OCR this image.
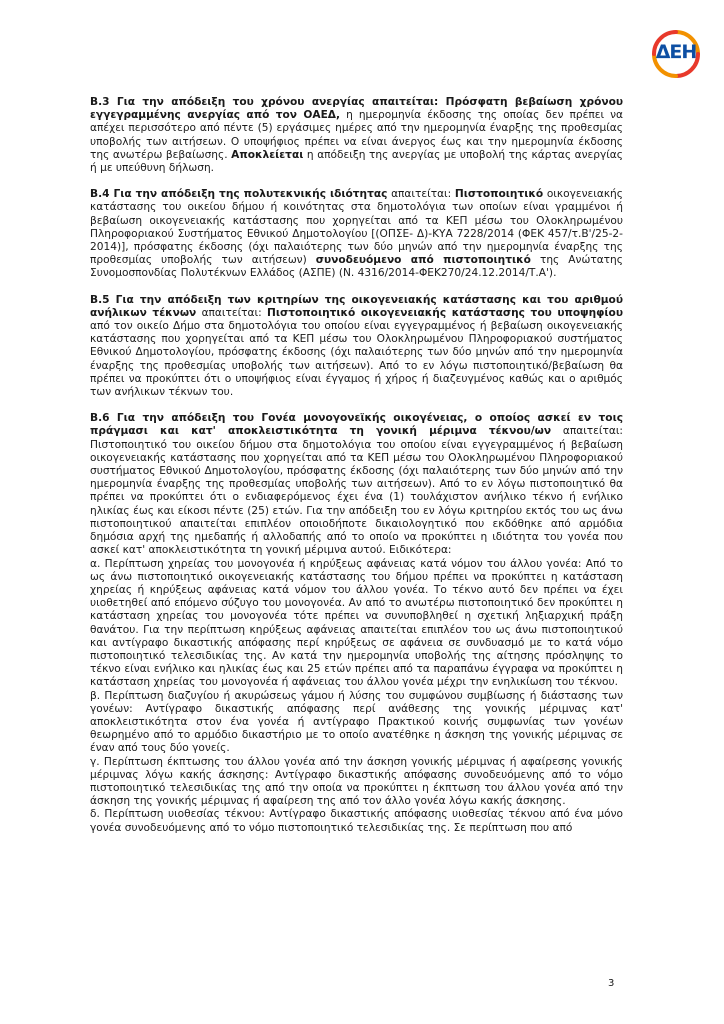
ΔΕΗ

Β.3 Για την απόδειξη του χρόνου ανεργίας απαιτείται: Πρόσφατη βεβαίωση χρόνου εγγεγραμμένης ανεργίας από τον ΟΑΕΔ, η ημερομηνία έκδοσης της οποίας δεν πρέπει να απέχει περισσότερο από πέντε (5) εργάσιμες ημέρες από την ημερομηνία έναρξης της προθεσμίας υποβολής των αιτήσεων. Ο υποψήφιος πρέπει να είναι άνεργος έως και την ημερομηνία έκδοσης της ανωτέρω βεβαίωσης. Αποκλείεται η απόδειξη της ανεργίας με υποβολή της κάρτας ανεργίας ή με υπεύθυνη δήλωση.

Β.4 Για την απόδειξη της πολυτεκνικής ιδιότητας απαιτείται: Πιστοποιητικό οικογενειακής κατάστασης του οικείου δήμου ή κοινότητας στα δημοτολόγια των οποίων είναι γραμμένοι ή βεβαίωση οικογενειακής κατάστασης που χορηγείται από τα ΚΕΠ μέσω του Ολοκληρωμένου Πληροφοριακού Συστήματος Εθνικού Δημοτολογίου [(ΟΠΣΕ- Δ)-ΚΥΑ 7228/2014 (ΦΕΚ 457/τ.Β'/25-2-2014)], πρόσφατης έκδοσης (όχι παλαιότερης των δύο μηνών από την ημερομηνία έναρξης της προθεσμίας υποβολής των αιτήσεων) συνοδευόμενο από πιστοποιητικό της Ανώτατης Συνομοσπονδίας Πολυτέκνων Ελλάδος (ΑΣΠΕ) (Ν. 4316/2014-ΦΕΚ270/24.12.2014/Τ.Α').

Β.5 Για την απόδειξη των κριτηρίων της οικογενειακής κατάστασης και του αριθμού ανήλικων τέκνων απαιτείται: Πιστοποιητικό οικογενειακής κατάστασης του υποψηφίου από τον οικείο Δήμο στα δημοτολόγια του οποίου είναι εγγεγραμμένος ή βεβαίωση οικογενειακής κατάστασης που χορηγείται από τα ΚΕΠ μέσω του Ολοκληρωμένου Πληροφοριακού συστήματος Εθνικού Δημοτολογίου, πρόσφατης έκδοσης (όχι παλαιότερης των δύο μηνών από την ημερομηνία έναρξης της προθεσμίας υποβολής των αιτήσεων). Από το εν λόγω πιστοποιητικό/βεβαίωση θα πρέπει να προκύπτει ότι ο υποψήφιος είναι έγγαμος ή χήρος ή διαζευγμένος καθώς και ο αριθμός των ανήλικων τέκνων του.

Β.6 Για την απόδειξη του Γονέα μονογονεϊκής οικογένειας, ο οποίος ασκεί εν τοις πράγμασι και κατ' αποκλειστικότητα τη γονική μέριμνα τέκνου/ων απαιτείται: Πιστοποιητικό του οικείου δήμου στα δημοτολόγια του οποίου είναι εγγεγραμμένος ή βεβαίωση οικογενειακής κατάστασης που χορηγείται από τα ΚΕΠ μέσω του Ολοκληρωμένου Πληροφοριακού συστήματος Εθνικού Δημοτολογίου, πρόσφατης έκδοσης (όχι παλαιότερης των δύο μηνών από την ημερομηνία έναρξης της προθεσμίας υποβολής των αιτήσεων). Από το εν λόγω πιστοποιητικό θα πρέπει να προκύπτει ότι ο ενδιαφερόμενος έχει ένα (1) τουλάχιστον ανήλικο τέκνο ή ενήλικο ηλικίας έως και είκοσι πέντε (25) ετών. Για την απόδειξη του εν λόγω κριτηρίου εκτός του ως άνω πιστοποιητικού απαιτείται επιπλέον οποιοδήποτε δικαιολογητικό που εκδόθηκε από αρμόδια δημόσια αρχή της ημεδαπής ή αλλοδαπής από το οποίο να προκύπτει η ιδιότητα του γονέα που ασκεί κατ' αποκλειστικότητα τη γονική μέριμνα αυτού. Ειδικότερα:

α. Περίπτωση χηρείας του μονογονέα ή κηρύξεως αφάνειας κατά νόμον του άλλου γονέα: Από το ως άνω πιστοποιητικό οικογενειακής κατάστασης του δήμου πρέπει να προκύπτει η κατάσταση χηρείας ή κηρύξεως αφάνειας κατά νόμον του άλλου γονέα. Το τέκνο αυτό δεν πρέπει να έχει υιοθετηθεί από επόμενο σύζυγο του μονογονέα. Αν από το ανωτέρω πιστοποιητικό δεν προκύπτει η κατάσταση χηρείας του μονογονέα τότε πρέπει να συνυποβληθεί η σχετική ληξιαρχική πράξη θανάτου. Για την περίπτωση κηρύξεως αφάνειας απαιτείται επιπλέον του ως άνω πιστοποιητικού και αντίγραφο δικαστικής απόφασης περί κηρύξεως σε αφάνεια σε συνδυασμό με το κατά νόμο πιστοποιητικό τελεσιδικίας της. Αν κατά την ημερομηνία υποβολής της αίτησης πρόσληψης το τέκνο είναι ενήλικο και ηλικίας έως και 25 ετών πρέπει από τα παραπάνω έγγραφα να προκύπτει η κατάσταση χηρείας του μονογονέα ή αφάνειας του άλλου γονέα μέχρι την ενηλικίωση του τέκνου.

β. Περίπτωση διαζυγίου ή ακυρώσεως γάμου ή λύσης του συμφώνου συμβίωσης ή διάστασης των γονέων: Αντίγραφο δικαστικής απόφασης περί ανάθεσης της γονικής μέριμνας κατ' αποκλειστικότητα στον ένα γονέα ή αντίγραφο Πρακτικού κοινής συμφωνίας των γονέων θεωρημένο από το αρμόδιο δικαστήριο με το οποίο ανατέθηκε η άσκηση της γονικής μέριμνας σε έναν από τους δύο γονείς.

γ. Περίπτωση έκπτωσης του άλλου γονέα από την άσκηση γονικής μέριμνας ή αφαίρεσης γονικής μέριμνας λόγω κακής άσκησης: Αντίγραφο δικαστικής απόφασης συνοδευόμενης από το νόμο πιστοποιητικό τελεσιδικίας της από την οποία να προκύπτει η έκπτωση του άλλου γονέα από την άσκηση της γονικής μέριμνας ή αφαίρεση της από τον άλλο γονέα λόγω κακής άσκησης.

δ. Περίπτωση υιοθεσίας τέκνου: Αντίγραφο δικαστικής απόφασης υιοθεσίας τέκνου από ένα μόνο γονέα συνοδευόμενης από το νόμο πιστοποιητικό τελεσιδικίας της. Σε περίπτωση που από

3
